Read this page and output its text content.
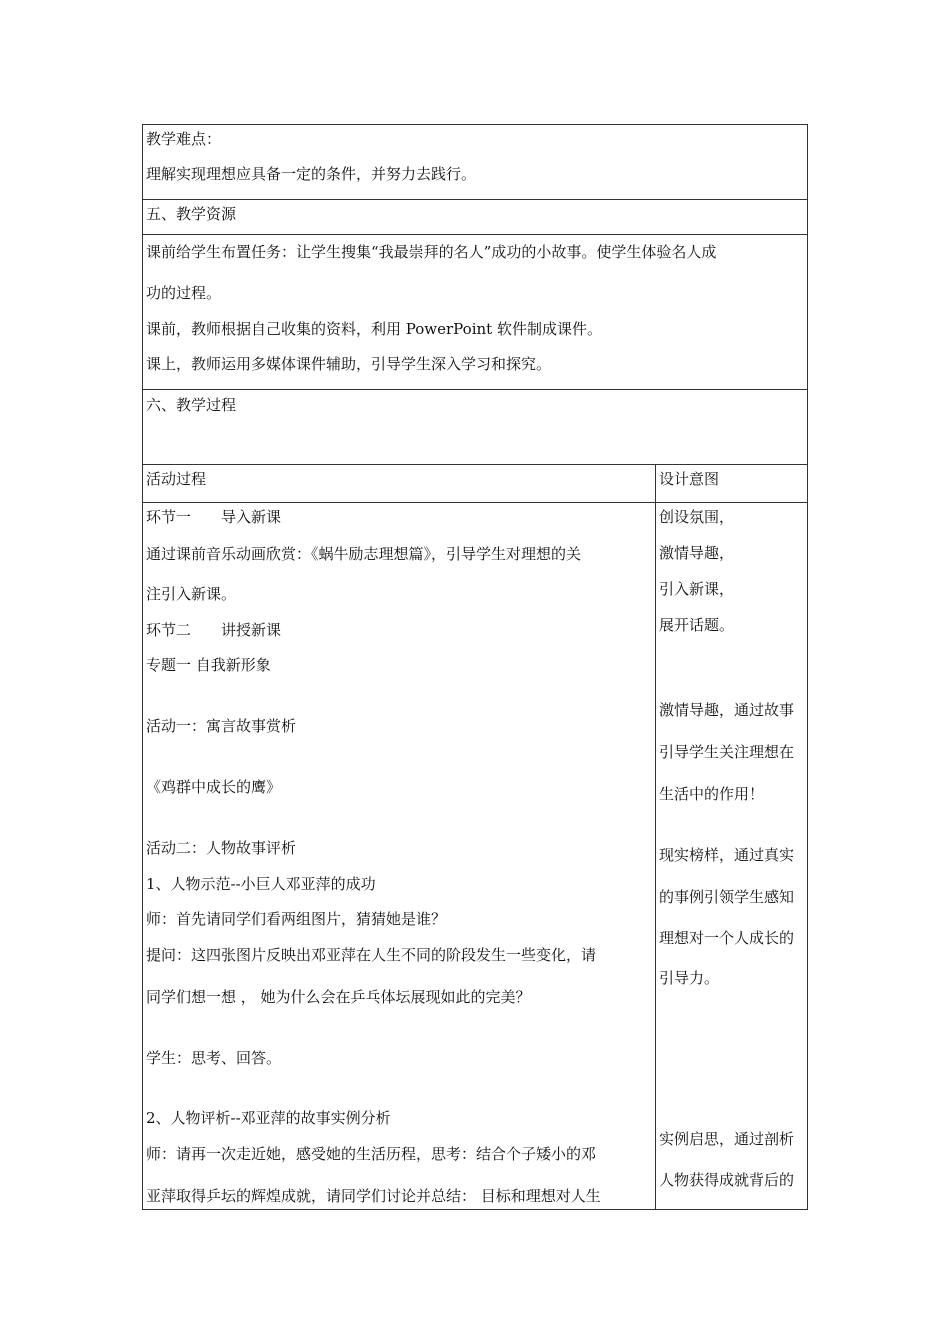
教学难点：
理解实现理想应具备一定的条件，并努力去践行。
五、教学资源
课前给学生布置任务：让学生搜集“我最崇拜的名人”成功的小故事。使学生体验名人成
功的过程。
课前，教师根据自己收集的资料，利用 PowerPoint 软件制成课件。
课上，教师运用多媒体课件辅助，引导学生深入学习和探究。
六、教学过程
活动过程	设计意图
环节一　　导入新课
通过课前音乐动画欣赏：《蜗牛励志理想篇》，引导学生对理想的关
注引入新课。
环节二　　讲授新课
专题一 自我新形象
活动一：寓言故事赏析
《鸡群中成长的鹰》
活动二：人物故事评析
1、人物示范--小巨人邓亚萍的成功
师：首先请同学们看两组图片，猜猜她是谁？
提问：这四张图片反映出邓亚萍在人生不同的阶段发生一些变化，请
同学们想一想 ， 她为什么会在乒乓体坛展现如此的完美？
学生：思考、回答。
2、人物评析--邓亚萍的故事实例分析
师：请再一次走近她，感受她的生活历程，思考：结合个子矮小的邓
亚萍取得乒坛的辉煌成就，请同学们讨论并总结： 目标和理想对人生
创设氛围，
激情导趣，
引入新课，
展开话题。
激情导趣，通过故事
引导学生关注理想在
生活中的作用！
现实榜样，通过真实
的事例引领学生感知
理想对一个人成长的
引导力。
实例启思，通过剖析
人物获得成就背后的
